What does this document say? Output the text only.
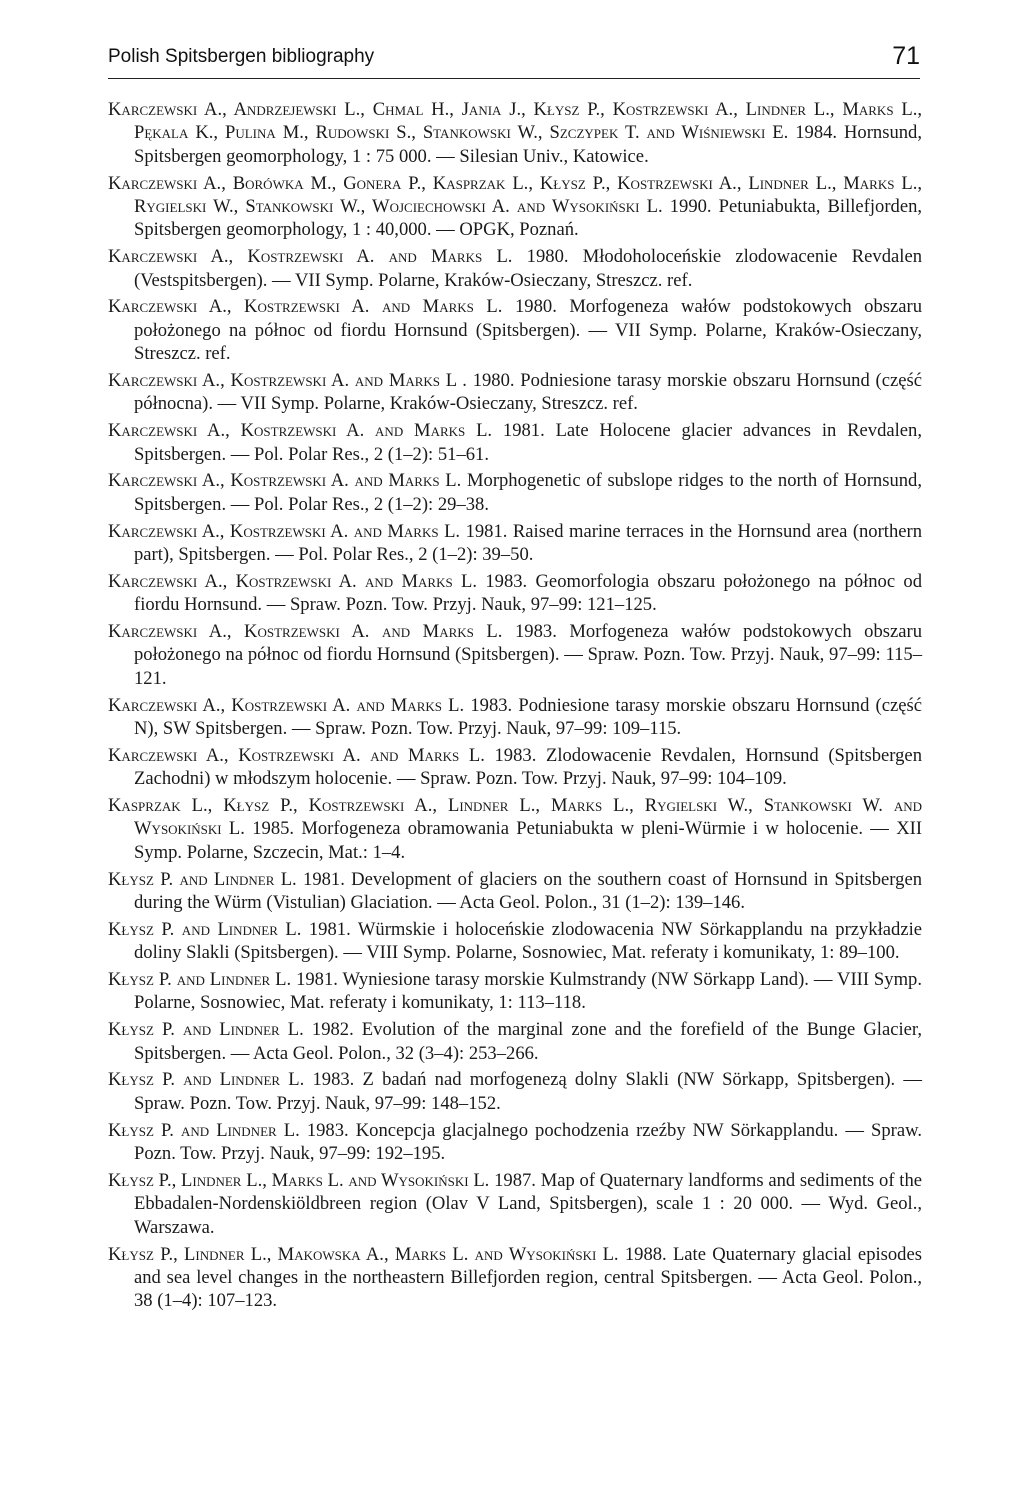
Polish Spitsbergen bibliography	71
Karczewski A., Andrzejewski L., Chmal H., Jania J., Kłysz P., Kostrzewski A., Lindner L., Marks L., Pękala K., Pulina M., Rudowski S., Stankowski W., Szczypek T. and Wiśniewski E. 1984. Hornsund, Spitsbergen geomorphology, 1 : 75 000. — Silesian Univ., Katowice.
Karczewski A., Borówka M., Gonera P., Kasprzak L., Kłysz P., Kostrzewski A., Lindner L., Marks L., Rygielski W., Stankowski W., Wojciechowski A. and Wysokiński L. 1990. Petuniabukta, Billefjorden, Spitsbergen geomorphology, 1 : 40,000. — OPGK, Poznań.
Karczewski A., Kostrzewski A. and Marks L. 1980. Młodoholoceńskie zlodowacenie Revdalen (Vestspitsbergen). — VII Symp. Polarne, Kraków-Osieczany, Streszcz. ref.
Karczewski A., Kostrzewski A. and Marks L. 1980. Morfogeneza wałów podstokowych obszaru położonego na północ od fiordu Hornsund (Spitsbergen). — VII Symp. Polarne, Kraków-Osieczany, Streszcz. ref.
Karczewski A., Kostrzewski A. and Marks L . 1980. Podniesione tarasy morskie obszaru Hornsund (część północna). — VII Symp. Polarne, Kraków-Osieczany, Streszcz. ref.
Karczewski A., Kostrzewski A. and Marks L. 1981. Late Holocene glacier advances in Revdalen, Spitsbergen. — Pol. Polar Res., 2 (1–2): 51–61.
Karczewski A., Kostrzewski A. and Marks L. Morphogenetic of subslope ridges to the north of Hornsund, Spitsbergen. — Pol. Polar Res., 2 (1–2): 29–38.
Karczewski A., Kostrzewski A. and Marks L. 1981. Raised marine terraces in the Hornsund area (northern part), Spitsbergen. — Pol. Polar Res., 2 (1–2): 39–50.
Karczewski A., Kostrzewski A. and Marks L. 1983. Geomorfologia obszaru położonego na północ od fiordu Hornsund. — Spraw. Pozn. Tow. Przyj. Nauk, 97–99: 121–125.
Karczewski A., Kostrzewski A. and Marks L. 1983. Morfogeneza wałów podstokowych obszaru położonego na północ od fiordu Hornsund (Spitsbergen). — Spraw. Pozn. Tow. Przyj. Nauk, 97–99: 115–121.
Karczewski A., Kostrzewski A. and Marks L. 1983. Podniesione tarasy morskie obszaru Hornsund (część N), SW Spitsbergen. — Spraw. Pozn. Tow. Przyj. Nauk, 97–99: 109–115.
Karczewski A., Kostrzewski A. and Marks L. 1983. Zlodowacenie Revdalen, Hornsund (Spitsbergen Zachodni) w młodszym holocenie. — Spraw. Pozn. Tow. Przyj. Nauk, 97–99: 104–109.
Kasprzak L., Kłysz P., Kostrzewski A., Lindner L., Marks L., Rygielski W., Stankowski W. and Wysokiński L. 1985. Morfogeneza obramowania Petuniabukta w pleni-Würmie i w holocenie. — XII Symp. Polarne, Szczecin, Mat.: 1–4.
Kłysz P. and Lindner L. 1981. Development of glaciers on the southern coast of Hornsund in Spitsbergen during the Würm (Vistulian) Glaciation. — Acta Geol. Polon., 31 (1–2): 139–146.
Kłysz P. and Lindner L. 1981. Würmskie i holoceńskie zlodowacenia NW Sörkapplandu na przykładzie doliny Slakli (Spitsbergen). — VIII Symp. Polarne, Sosnowiec, Mat. referaty i komunikaty, 1: 89–100.
Kłysz P. and Lindner L. 1981. Wyniesione tarasy morskie Kulmstrandy (NW Sörkapp Land). — VIII Symp. Polarne, Sosnowiec, Mat. referaty i komunikaty, 1: 113–118.
Kłysz P. and Lindner L. 1982. Evolution of the marginal zone and the forefield of the Bunge Glacier, Spitsbergen. — Acta Geol. Polon., 32 (3–4): 253–266.
Kłysz P. and Lindner L. 1983. Z badań nad morfogenezą dolny Slakli (NW Sörkapp, Spitsbergen). — Spraw. Pozn. Tow. Przyj. Nauk, 97–99: 148–152.
Kłysz P. and Lindner L. 1983. Koncepcja glacjalnego pochodzenia rzeźby NW Sörkapplandu. — Spraw. Pozn. Tow. Przyj. Nauk, 97–99: 192–195.
Kłysz P., Lindner L., Marks L. and Wysokiński L. 1987. Map of Quaternary landforms and sediments of the Ebbadalen-Nordenskiöldbreen region (Olav V Land, Spitsbergen), scale 1 : 20 000. — Wyd. Geol., Warszawa.
Kłysz P., Lindner L., Makowska A., Marks L. and Wysokiński L. 1988. Late Quaternary glacial episodes and sea level changes in the northeastern Billefjorden region, central Spitsbergen. — Acta Geol. Polon., 38 (1–4): 107–123.
